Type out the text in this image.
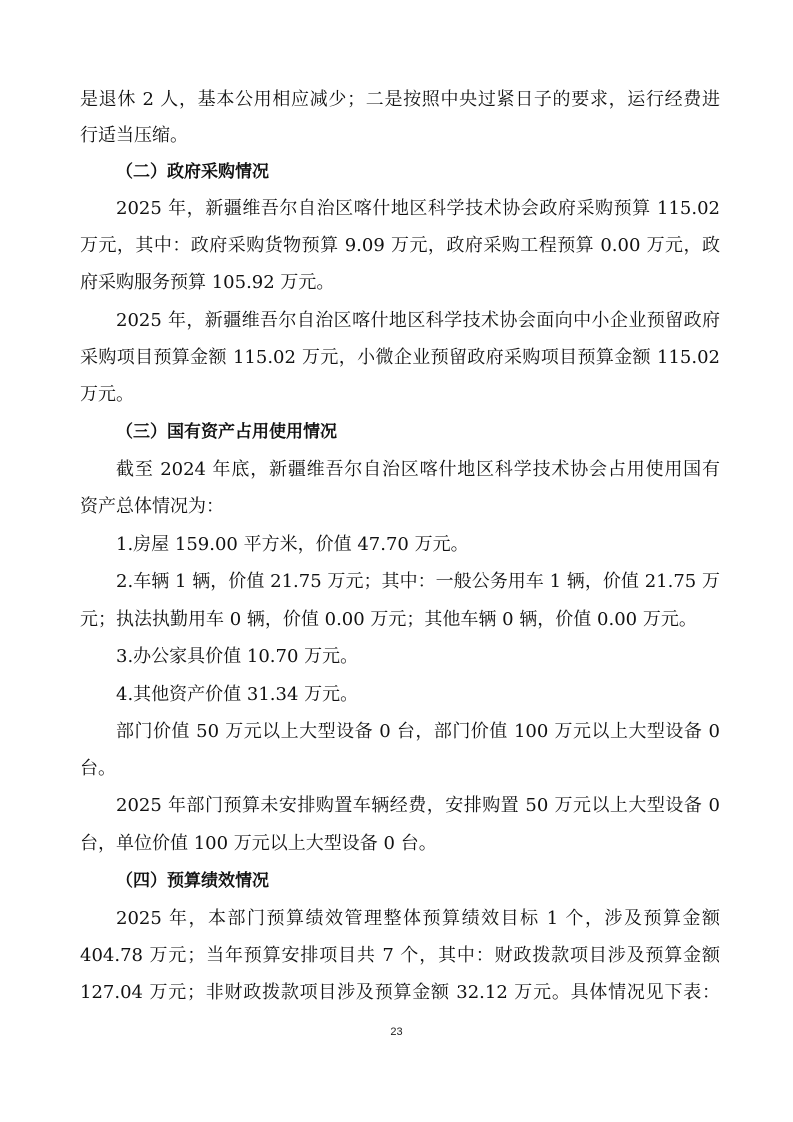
是退休 2 人，基本公用相应减少；二是按照中央过紧日子的要求，运行经费进
行适当压缩。
（二）政府采购情况
2025 年，新疆维吾尔自治区喀什地区科学技术协会政府采购预算 115.02
万元，其中：政府采购货物预算 9.09 万元，政府采购工程预算 0.00 万元，政
府采购服务预算 105.92 万元。
2025 年，新疆维吾尔自治区喀什地区科学技术协会面向中小企业预留政府
采购项目预算金额 115.02 万元，小微企业预留政府采购项目预算金额 115.02
万元。
（三）国有资产占用使用情况
截至 2024 年底，新疆维吾尔自治区喀什地区科学技术协会占用使用国有
资产总体情况为：
1.房屋 159.00 平方米，价值 47.70 万元。
2.车辆 1 辆，价值 21.75 万元；其中：一般公务用车 1 辆，价值 21.75 万
元；执法执勤用车 0 辆，价值 0.00 万元；其他车辆 0 辆，价值 0.00 万元。
3.办公家具价值 10.70 万元。
4.其他资产价值 31.34 万元。
部门价值 50 万元以上大型设备 0 台，部门价值 100 万元以上大型设备 0
台。
2025 年部门预算未安排购置车辆经费，安排购置 50 万元以上大型设备 0
台，单位价值 100 万元以上大型设备 0 台。
（四）预算绩效情况
2025 年，本部门预算绩效管理整体预算绩效目标 1 个，涉及预算金额
404.78 万元；当年预算安排项目共 7 个，其中：财政拨款项目涉及预算金额
127.04 万元；非财政拨款项目涉及预算金额 32.12 万元。具体情况见下表：
23
